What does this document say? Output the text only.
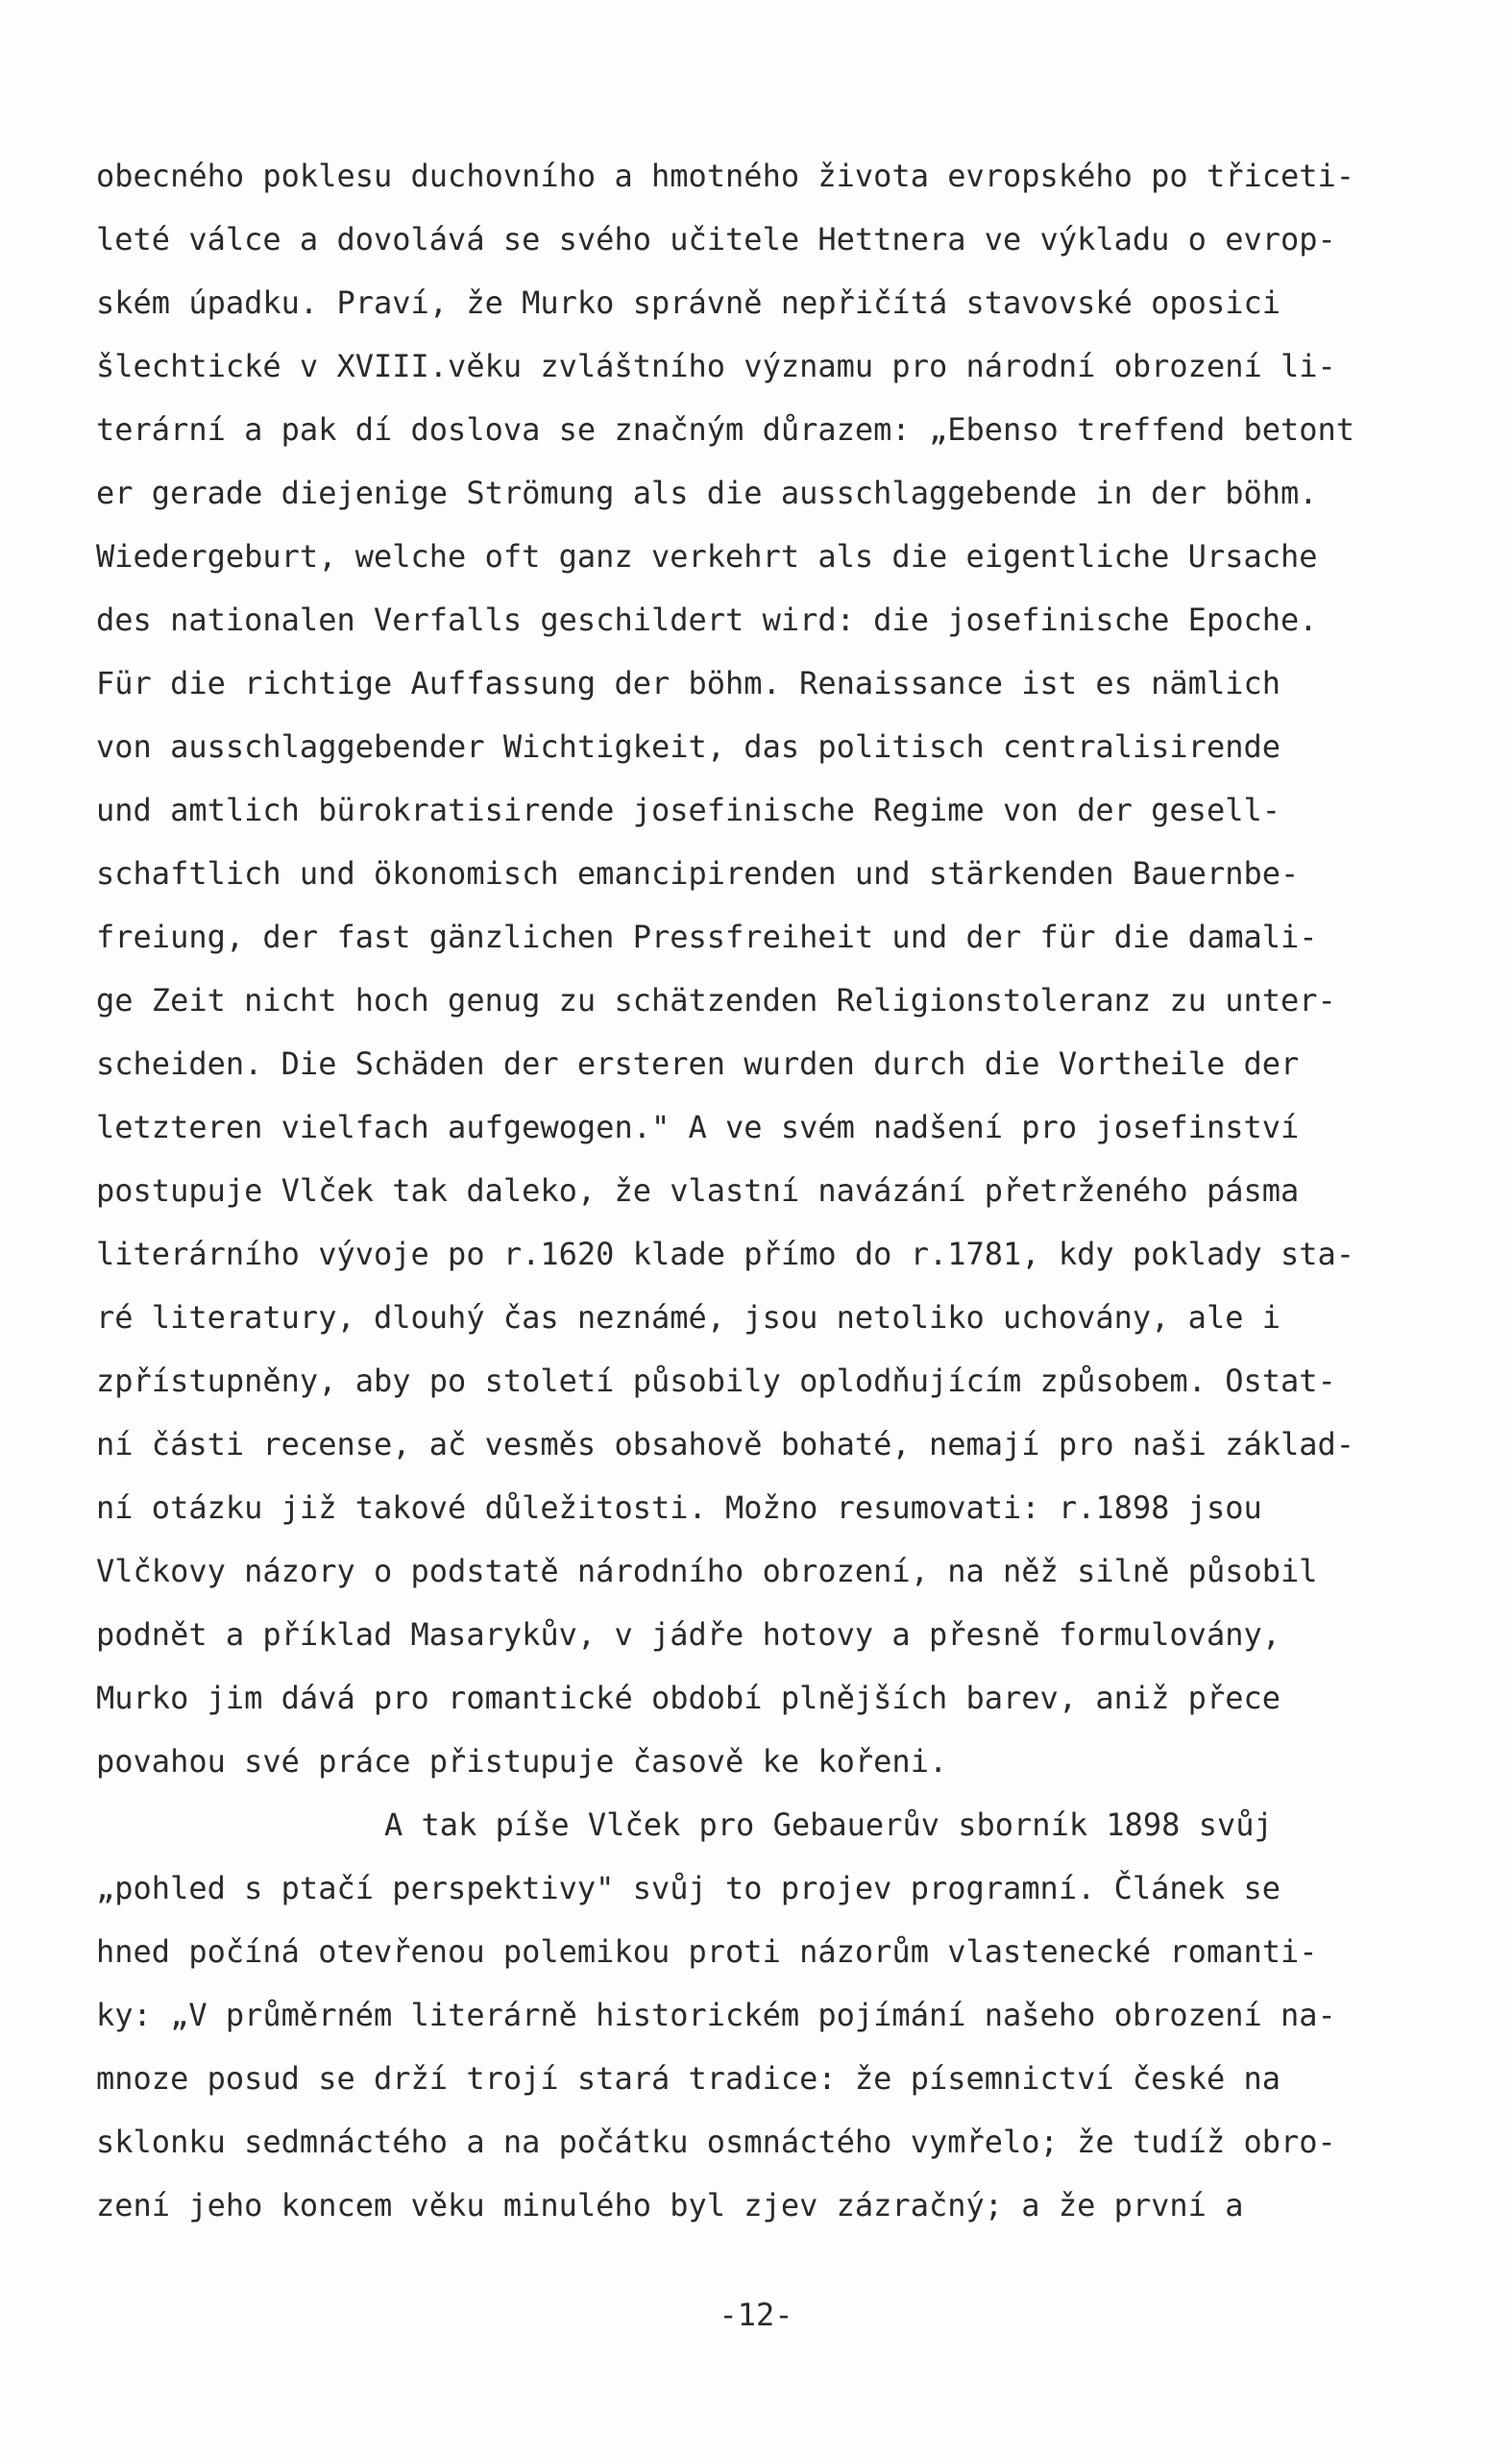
obecného poklesu duchovního a hmotného života evropského po třiceti-
leté válce a dovolává se svého učitele Hettnera ve výkladu o evrop-
ském úpadku. Praví, že Murko správně nepřičítá stavovské oposici
šlechtické v XVIII.věku zvláštního významu pro národní obrození li-
terární a pak dí doslova se značným důrazem: „Ebenso treffend betont
er gerade diejenige Strömung als die ausschlaggebende in der böhm.
Wiedergeburt, welche oft ganz verkehrt als die eigentliche Ursache
des nationalen Verfalls geschildert wird: die josefinische Epoche.
Für die richtige Auffassung der böhm. Renaissance ist es nämlich
von ausschlaggebender Wichtigkeit, das politisch centralisirende
und amtlich bürokratisirende josefinische Regime von der gesell-
schaftlich und ökonomisch emancipirenden und stärkenden Bauernbe-
freiung, der fast gänzlichen Pressfreiheit und der für die damali-
ge Zeit nicht hoch genug zu schätzenden Religionstoleranz zu unter-
scheiden. Die Schäden der ersteren wurden durch die Vortheile der
letzteren vielfach aufgewogen." A ve svém nadšení pro josefinství
postupuje Vlček tak daleko, že vlastní navázání přetrženého pásma
literárního vývoje po r.1620 klade přímo do r.1781, kdy poklady sta-
ré literatury, dlouhý čas neznámé, jsou netoliko uchovány, ale i
zpřístupněny, aby po století působily oplodňujícím způsobem. Ostat-
ní části recense, ač vesměs obsahově bohaté, nemají pro naši základ-
ní otázku již takové důležitosti. Možno resumovati: r.1898 jsou
Vlčkovy názory o podstatě národního obrození, na něž silně působil
podnět a příklad Masarykův, v jádře hotovy a přesně formulovány,
Murko jim dává pro romantické období plnějších barev, aniž přece
povahou své práce přistupuje časově ke kořeni.
A tak píše Vlček pro Gebauerův sborník 1898 svůj
„pohled s ptačí perspektivy" svůj to projev programní. Článek se
hned počíná otevřenou polemikou proti názorům vlastenecké romanti-
ky: „V průměrném literárně historickém pojímání našeho obrození na-
mnoze posud se drží trojí stará tradice: že písemnictví české na
sklonku sedmnáctého a na počátku osmnáctého vymřelo; že tudíž obro-
zení jeho koncem věku minulého byl zjev zázračný; a že první a
-12-
